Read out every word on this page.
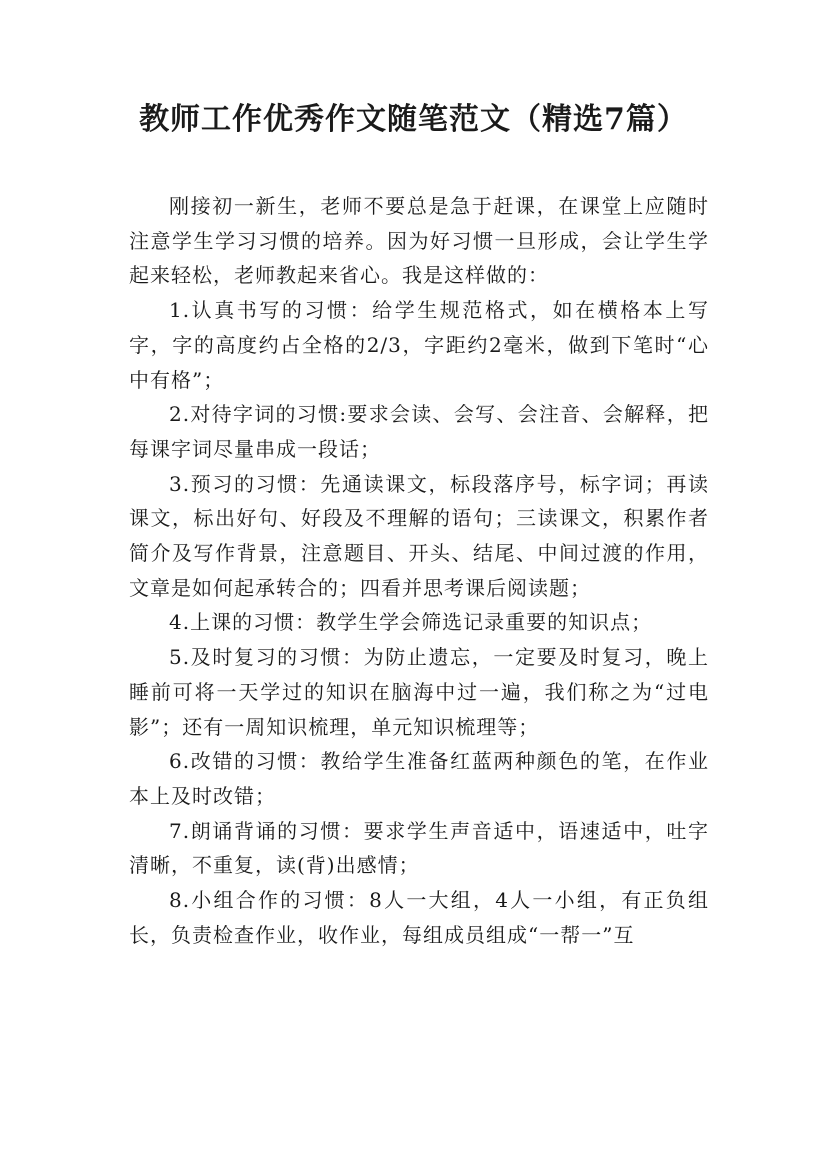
教师工作优秀作文随笔范文（精选7篇）

刚接初一新生，老师不要总是急于赶课，在课堂上应随时注意学生学习习惯的培养。因为好习惯一旦形成，会让学生学起来轻松，老师教起来省心。我是这样做的：

1.认真书写的习惯：给学生规范格式，如在横格本上写字，字的高度约占全格的2/3，字距约2毫米，做到下笔时“心中有格”；

2.对待字词的习惯:要求会读、会写、会注音、会解释，把每课字词尽量串成一段话；

3.预习的习惯：先通读课文，标段落序号，标字词；再读课文，标出好句、好段及不理解的语句；三读课文，积累作者简介及写作背景，注意题目、开头、结尾、中间过渡的作用，文章是如何起承转合的；四看并思考课后阅读题；

4.上课的习惯：教学生学会筛选记录重要的知识点；

5.及时复习的习惯：为防止遗忘，一定要及时复习，晚上睡前可将一天学过的知识在脑海中过一遍，我们称之为“过电影”；还有一周知识梳理，单元知识梳理等；

6.改错的习惯：教给学生准备红蓝两种颜色的笔，在作业本上及时改错；

7.朗诵背诵的习惯：要求学生声音适中，语速适中，吐字清晰，不重复，读(背)出感情；

8.小组合作的习惯：8人一大组，4人一小组，有正负组长，负责检查作业，收作业，每组成员组成“一帮一”互
